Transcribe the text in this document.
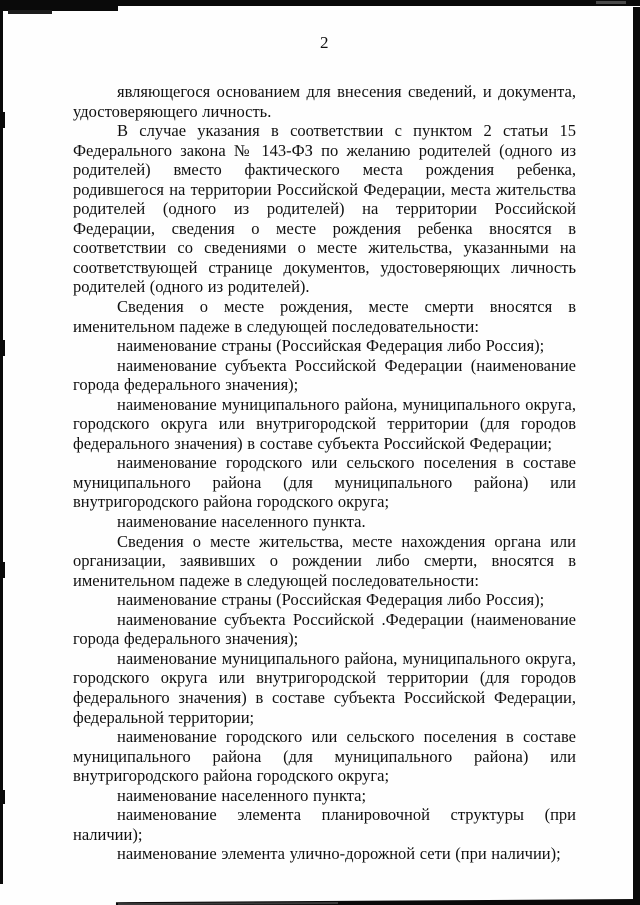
2

являющегося основанием для внесения сведений, и документа, удостоверяющего личность.

В случае указания в соответствии с пунктом 2 статьи 15 Федерального закона № 143-ФЗ по желанию родителей (одного из родителей) вместо фактического места рождения ребенка, родившегося на территории Российской Федерации, места жительства родителей (одного из родителей) на территории Российской Федерации, сведения о месте рождения ребенка вносятся в соответствии со сведениями о месте жительства, указанными на соответствующей странице документов, удостоверяющих личность родителей (одного из родителей).

Сведения о месте рождения, месте смерти вносятся в именительном падеже в следующей последовательности:

наименование страны (Российская Федерация либо Россия);

наименование субъекта Российской Федерации (наименование города федерального значения);

наименование муниципального района, муниципального округа, городского округа или внутригородской территории (для городов федерального значения) в составе субъекта Российской Федерации;

наименование городского или сельского поселения в составе муниципального района (для муниципального района) или внутригородского района городского округа;

наименование населенного пункта.

Сведения о месте жительства, месте нахождения органа или организации, заявивших о рождении либо смерти, вносятся в именительном падеже в следующей последовательности:

наименование страны (Российская Федерация либо Россия);

наименование субъекта Российской .Федерации (наименование города федерального значения);

наименование муниципального района, муниципального округа, городского округа или внутригородской территории (для городов федерального значения) в составе субъекта Российской Федерации, федеральной территории;

наименование городского или сельского поселения в составе муниципального района (для муниципального района) или внутригородского района городского округа;

наименование населенного пункта;

наименование элемента планировочной структуры (при наличии);

наименование элемента улично-дорожной сети (при наличии);
